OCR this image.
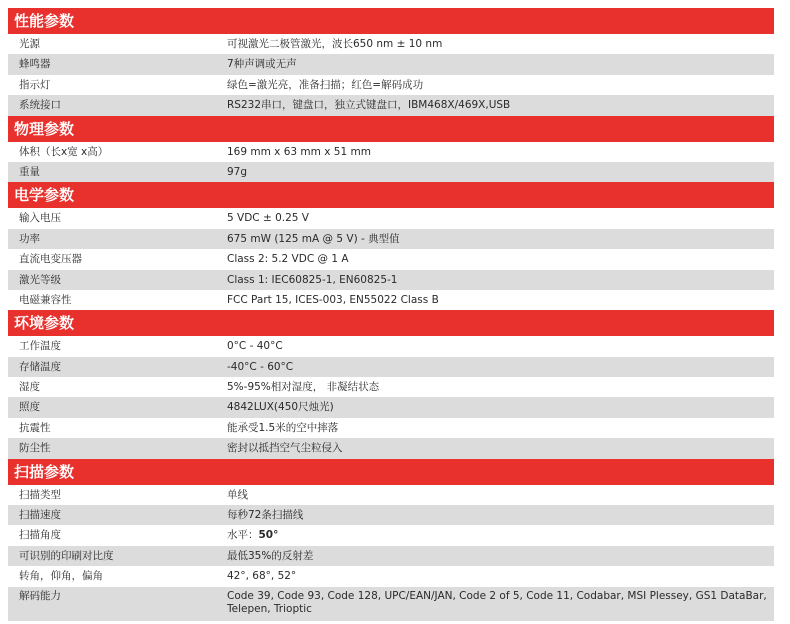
性能参数
光源	可视激光二极管激光，波长650 nm ± 10 nm
蜂鸣器	7种声调或无声
指示灯	绿色=激光亮，准备扫描；红色=解码成功
系统接口	RS232串口，键盘口，独立式键盘口，IBM468X/469X,USB
物理参数
体积（长x宽 x高）	169 mm x 63 mm x 51 mm
重量	97g
电学参数
输入电压	5 VDC ± 0.25 V
功率	675 mW (125 mA @ 5 V) - 典型值
直流电变压器	Class 2: 5.2 VDC @ 1 A
激光等级	Class 1: IEC60825-1, EN60825-1
电磁兼容性	FCC Part 15, ICES-003, EN55022 Class B
环境参数
工作温度	0°C - 40°C
存储温度	-40°C - 60°C
湿度	5%-95%相对湿度， 非凝结状态
照度	4842LUX(450尺烛光)
抗震性	能承受1.5米的空中摔落
防尘性	密封以抵挡空气尘粒侵入
扫描参数
扫描类型	单线
扫描速度	每秒72条扫描线
扫描角度	水平：50°
可识别的印刷对比度	最低35%的反射差
转角，仰角，偏角	42°, 68°, 52°
解码能力	Code 39, Code 93, Code 128, UPC/EAN/JAN, Code 2 of 5, Code 11, Codabar, MSI Plessey, GS1 DataBar, Telepen, Trioptic
